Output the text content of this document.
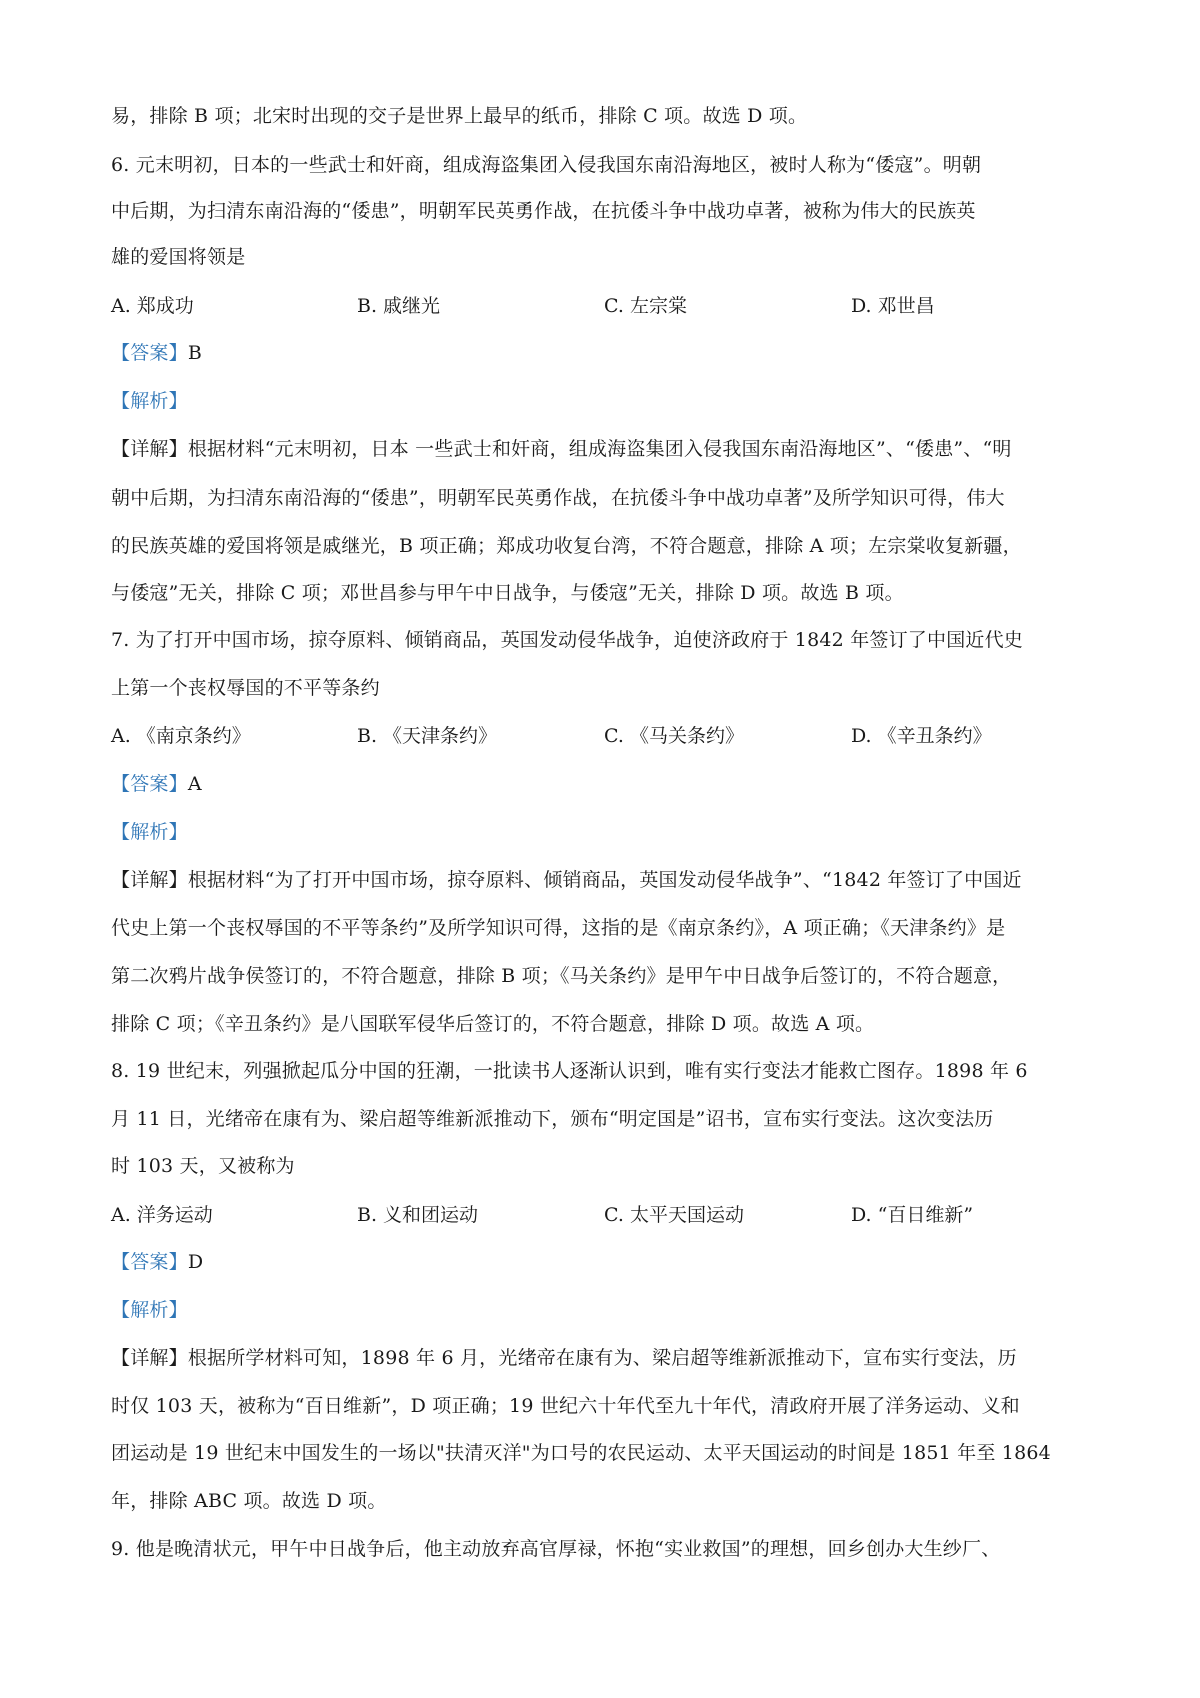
易，排除 B 项；北宋时出现的交子是世界上最早的纸币，排除 C 项。故选 D 项。
6. 元末明初，日本的一些武士和奸商，组成海盗集团入侵我国东南沿海地区，被时人称为“倭寇”。明朝
中后期，为扫清东南沿海的“倭患”，明朝军民英勇作战，在抗倭斗争中战功卓著，被称为伟大的民族英
雄的爱国将领是
A. 郑成功	B. 戚继光	C. 左宗棠	D. 邓世昌
【答案】B
【解析】
【详解】根据材料“元末明初，日本 一些武士和奸商，组成海盗集团入侵我国东南沿海地区”、“倭患”、“明
朝中后期，为扫清东南沿海的“倭患”，明朝军民英勇作战，在抗倭斗争中战功卓著”及所学知识可得，伟大
的民族英雄的爱国将领是戚继光，B 项正确；郑成功收复台湾，不符合题意，排除 A 项；左宗棠收复新疆，
与倭寇”无关，排除 C 项；邓世昌参与甲午中日战争，与倭寇”无关，排除 D 项。故选 B 项。
7. 为了打开中国市场，掠夺原料、倾销商品，英国发动侵华战争，迫使济政府于 1842 年签订了中国近代史
上第一个丧权辱国的不平等条约
A. 《南京条约》	B. 《天津条约》	C. 《马关条约》	D. 《辛丑条约》
【答案】A
【解析】
【详解】根据材料“为了打开中国市场，掠夺原料、倾销商品，英国发动侵华战争”、“1842 年签订了中国近
代史上第一个丧权辱国的不平等条约”及所学知识可得，这指的是《南京条约》，A 项正确；《天津条约》是
第二次鸦片战争侯签订的，不符合题意，排除 B 项；《马关条约》是甲午中日战争后签订的，不符合题意，
排除 C 项；《辛丑条约》是八国联军侵华后签订的，不符合题意，排除 D 项。故选 A 项。
8. 19 世纪末，列强掀起瓜分中国的狂潮，一批读书人逐渐认识到，唯有实行变法才能救亡图存。1898 年 6
月 11 日，光绪帝在康有为、梁启超等维新派推动下，颁布“明定国是”诏书，宣布实行变法。这次变法历
时 103 天，又被称为
A. 洋务运动	B. 义和团运动	C. 太平天国运动	D. “百日维新”
【答案】D
【解析】
【详解】根据所学材料可知，1898 年 6 月，光绪帝在康有为、梁启超等维新派推动下，宣布实行变法，历
时仅 103 天，被称为“百日维新”，D 项正确；19 世纪六十年代至九十年代，清政府开展了洋务运动、义和
团运动是 19 世纪末中国发生的一场以"扶清灭洋"为口号的农民运动、太平天国运动的时间是 1851 年至 1864
年，排除 ABC 项。故选 D 项。
9. 他是晚清状元，甲午中日战争后，他主动放弃高官厚禄，怀抱“实业救国”的理想，回乡创办大生纱厂、
